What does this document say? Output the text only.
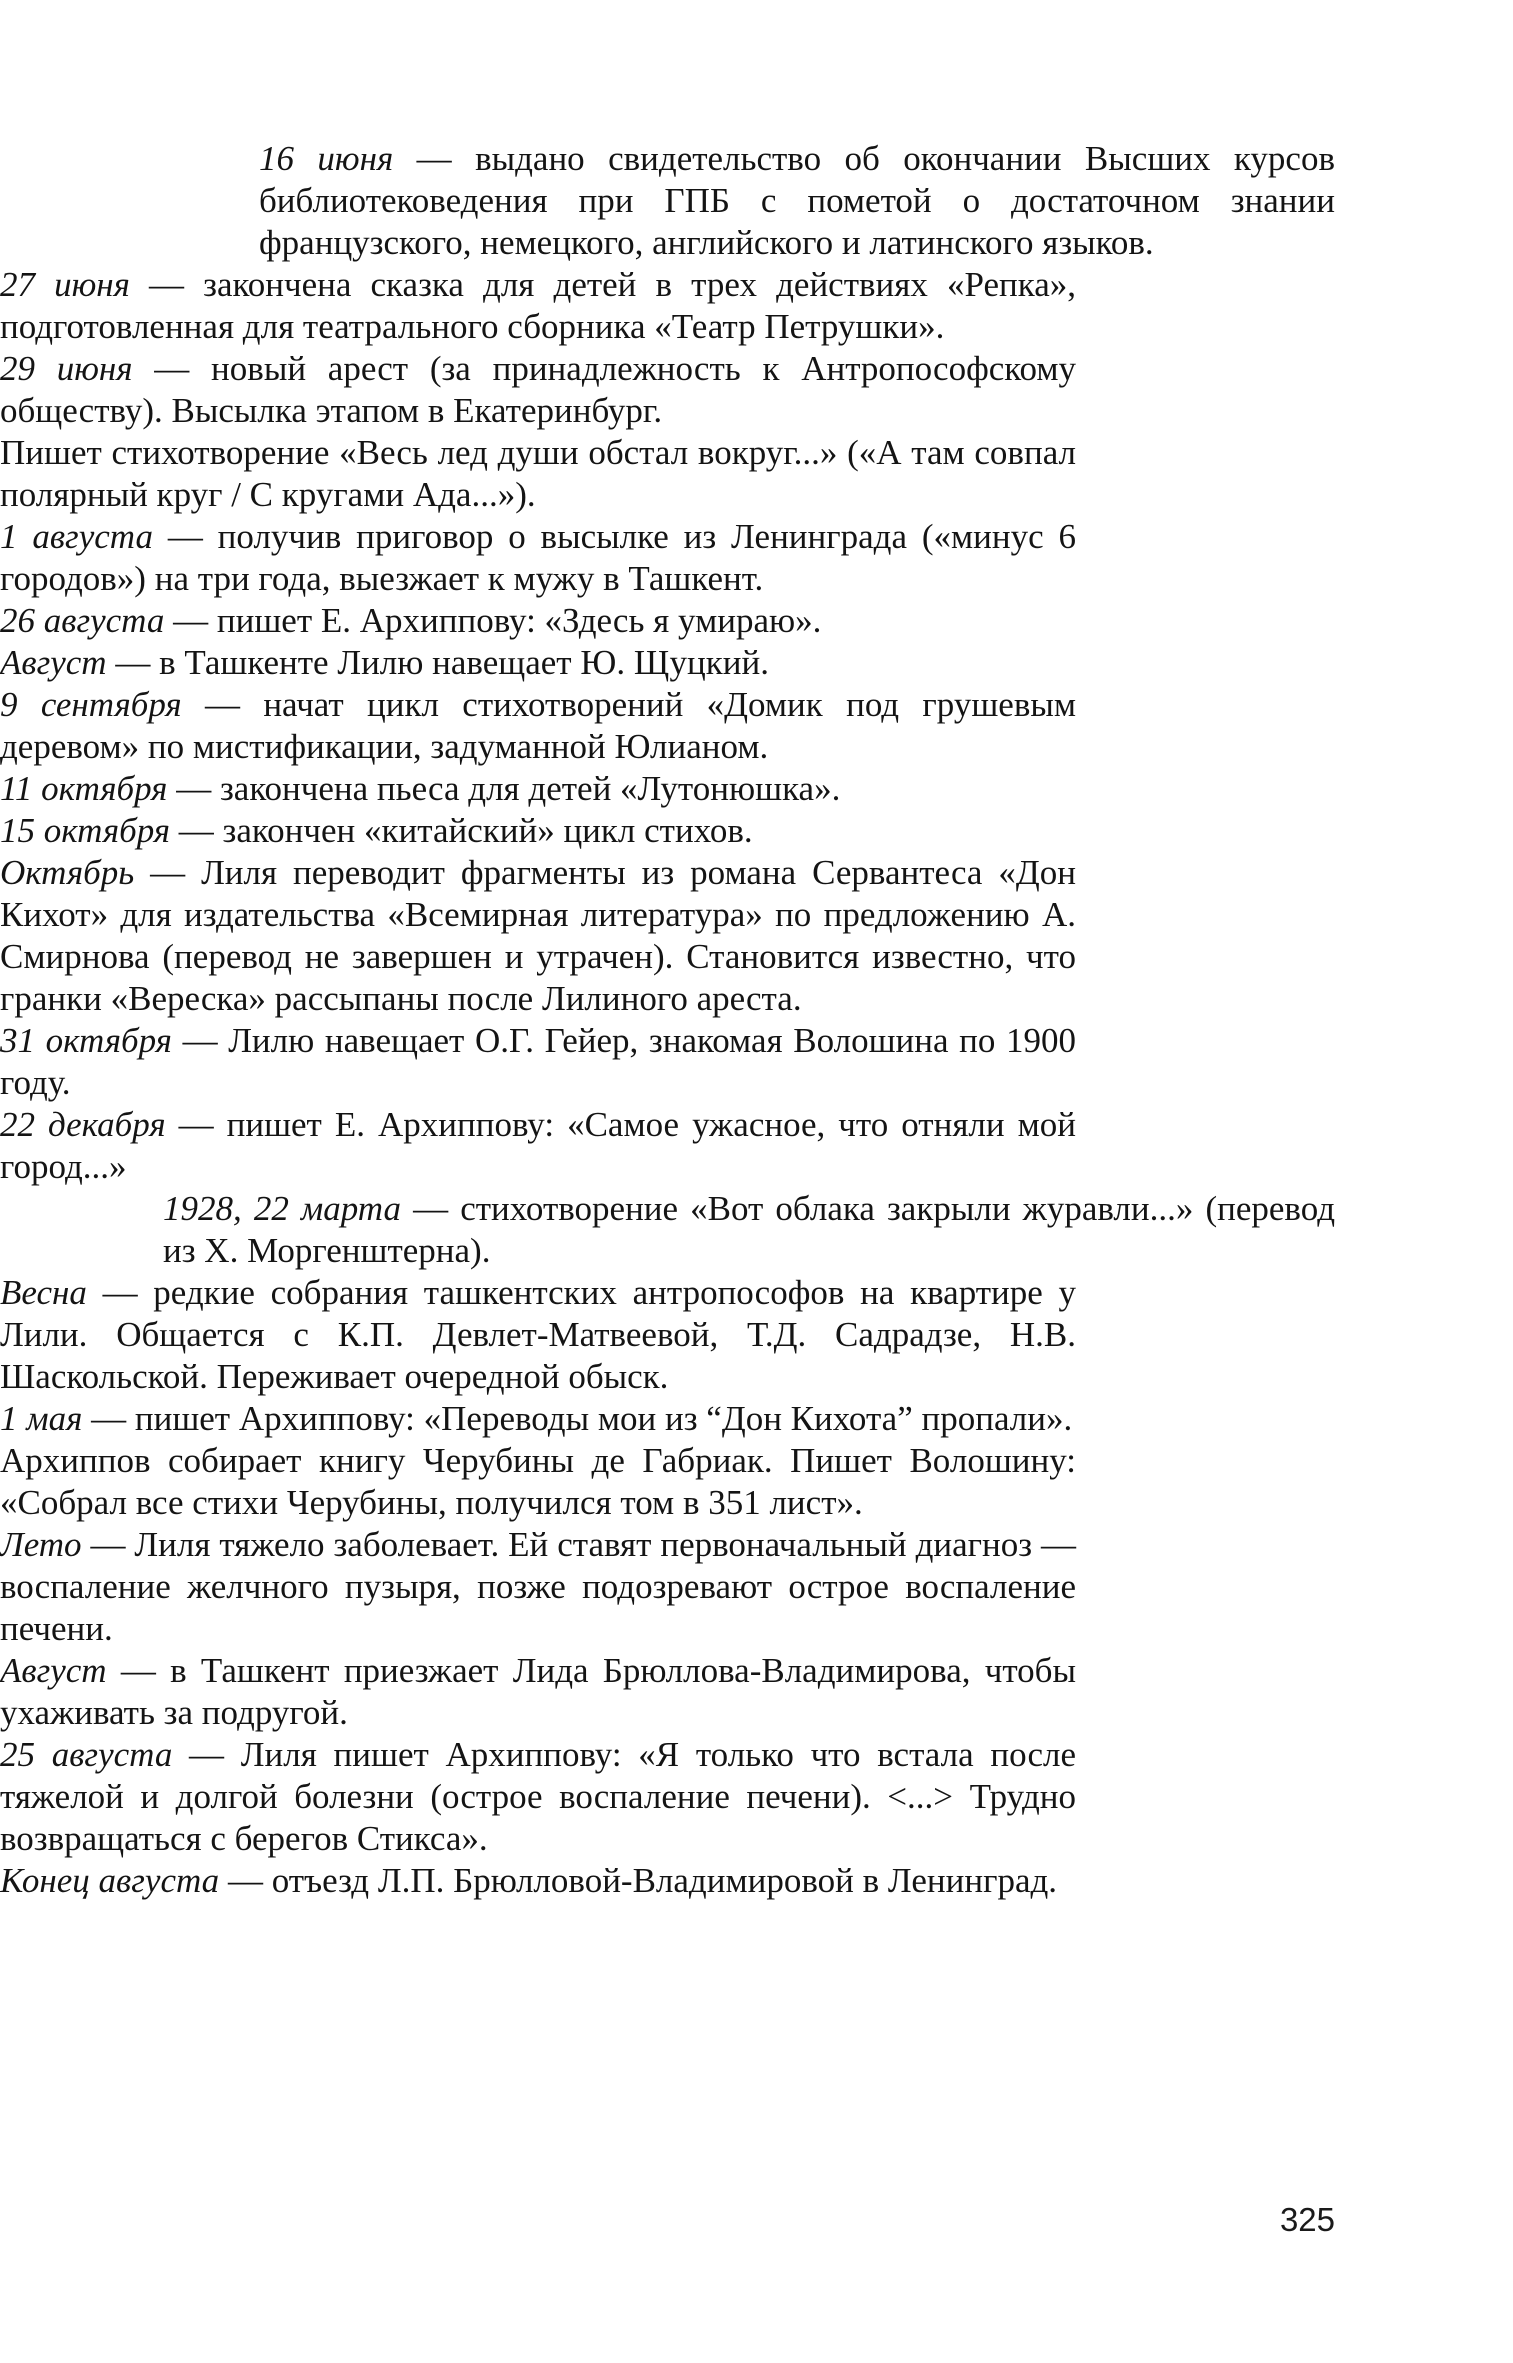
16 июня — выдано свидетельство об окончании Высших курсов библиотековедения при ГПБ с пометой о достаточном знании французского, немецкого, английского и латинского языков.

27 июня — закончена сказка для детей в трех действиях «Репка», подготовленная для театрального сборника «Театр Петрушки».

29 июня — новый арест (за принадлежность к Антропософскому обществу). Высылка этапом в Екатеринбург.

Пишет стихотворение «Весь лед души обстал вокруг...» («А там совпал полярный круг / С кругами Ада...»).

1 августа — получив приговор о высылке из Ленинграда («минус 6 городов») на три года, выезжает к мужу в Ташкент.

26 августа — пишет Е. Архиппову: «Здесь я умираю».

Август — в Ташкенте Лилю навещает Ю. Щуцкий.

9 сентября — начат цикл стихотворений «Домик под грушевым деревом» по мистификации, задуманной Юлианом.

11 октября — закончена пьеса для детей «Лутонюшка».

15 октября — закончен «китайский» цикл стихов.

Октябрь — Лиля переводит фрагменты из романа Сервантеса «Дон Кихот» для издательства «Всемирная литература» по предложению А. Смирнова (перевод не завершен и утрачен). Становится известно, что гранки «Вереска» рассыпаны после Лилиного ареста.

31 октября — Лилю навещает О.Г. Гейер, знакомая Волошина по 1900 году.

22 декабря — пишет Е. Архиппову: «Самое ужасное, что отняли мой город...»

1928, 22 марта — стихотворение «Вот облака закрыли журавли...» (перевод из Х. Моргенштерна).

Весна — редкие собрания ташкентских антропософов на квартире у Лили. Общается с К.П. Девлет-Матвеевой, Т.Д. Садрадзе, Н.В. Шаскольской. Переживает очередной обыск.

1 мая — пишет Архиппову: «Переводы мои из “Дон Кихота” пропали».

Архиппов собирает книгу Черубины де Габриак. Пишет Волошину: «Собрал все стихи Черубины, получился том в 351 лист».

Лето — Лиля тяжело заболевает. Ей ставят первоначальный диагноз — воспаление желчного пузыря, позже подозревают острое воспаление печени.

Август — в Ташкент приезжает Лида Брюллова-Владимирова, чтобы ухаживать за подругой.

25 августа — Лиля пишет Архиппову: «Я только что встала после тяжелой и долгой болезни (острое воспаление печени). <...> Трудно возвращаться с берегов Стикса».

Конец августа — отъезд Л.П. Брюлловой-Владимировой в Ленинград.

325
